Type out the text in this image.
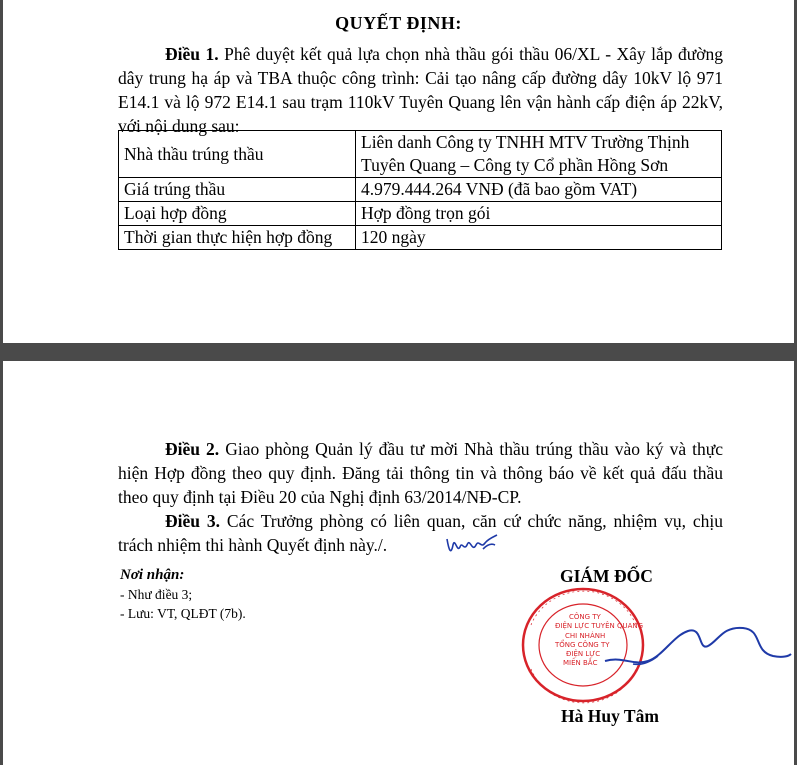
QUYẾT ĐỊNH:
Điều 1. Phê duyệt kết quả lựa chọn nhà thầu gói thầu 06/XL - Xây lắp đường dây trung hạ áp và TBA thuộc công trình: Cải tạo nâng cấp đường dây 10kV lộ 971 E14.1 và lộ 972 E14.1 sau trạm 110kV Tuyên Quang lên vận hành cấp điện áp 22kV, với nội dung sau:
Nhà thầu trúng thầu	Liên danh Công ty TNHH MTV Trường Thịnh Tuyên Quang – Công ty Cổ phần Hồng Sơn
Giá trúng thầu	4.979.444.264 VNĐ (đã bao gồm VAT)
Loại hợp đồng	Hợp đồng trọn gói
Thời gian thực hiện hợp đồng	120 ngày
Điều 2. Giao phòng Quản lý đầu tư mời Nhà thầu trúng thầu vào ký và thực hiện Hợp đồng theo quy định. Đăng tải thông tin và thông báo về kết quả đấu thầu theo quy định tại Điều 20 của Nghị định 63/2014/NĐ-CP.
Điều 3. Các Trưởng phòng có liên quan, căn cứ chức năng, nhiệm vụ, chịu trách nhiệm thi hành Quyết định này./.
Nơi nhận:
- Như điều 3;
- Lưu: VT, QLĐT (7b).
GIÁM ĐỐC
CÔNG TY
ĐIỆN LỰC TUYÊN QUANG
CHI NHÁNH
TỔNG CÔNG TY
ĐIỆN LỰC
MIỀN BẮC
Hà Huy Tâm
